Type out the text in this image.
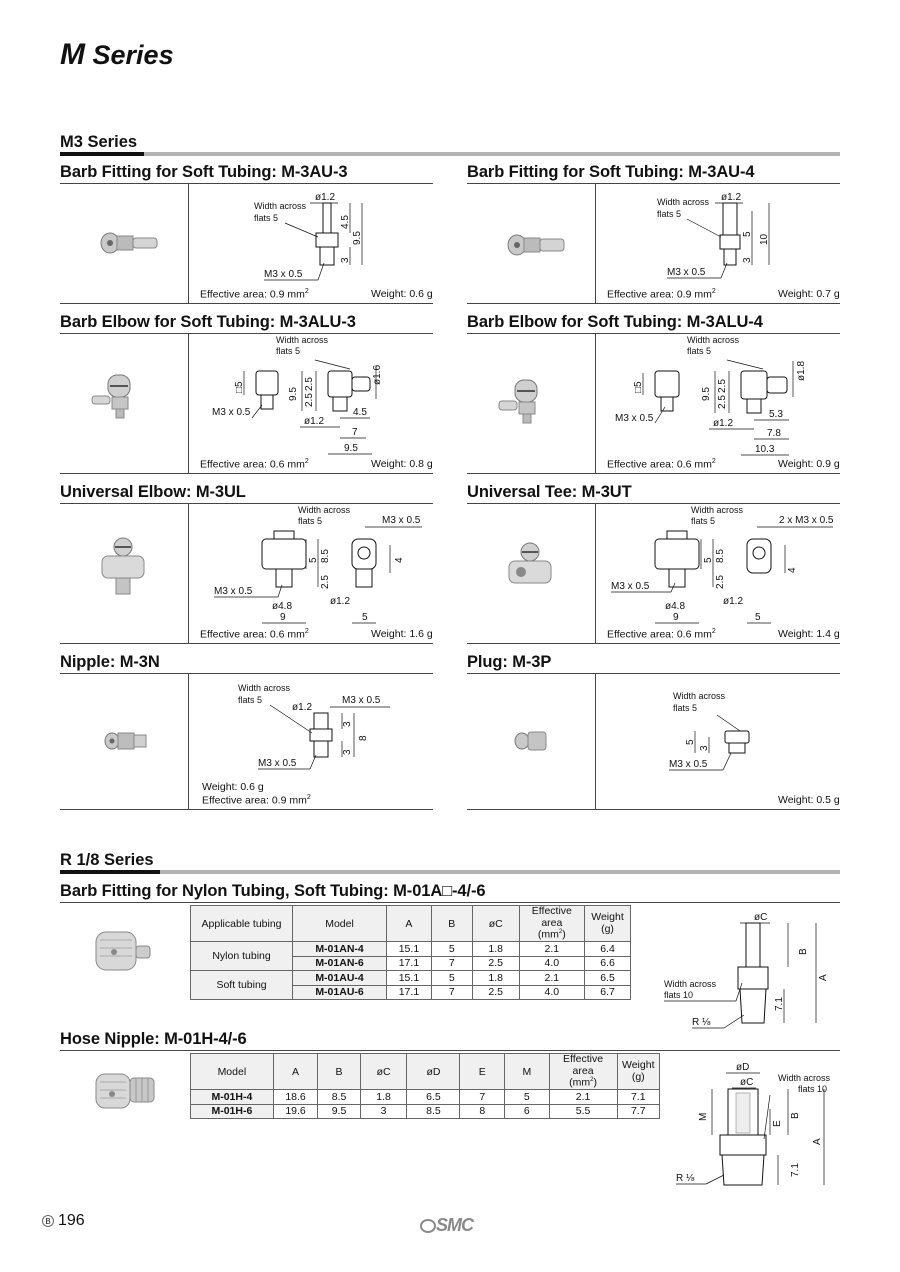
M Series
M3 Series
Barb Fitting for Soft Tubing: M-3AU-3
Width across
flats 5
ø1.2
4.5
9.5
3
M3 x 0.5
Effective area: 0.9 $mm^2$	Weight: 0.6 g
Barb Fitting for Soft Tubing: M-3AU-4
Width across
flats 5
ø1.2
5 10
3
M3 x 0.5
Effective area: 0.9 $mm^2$	Weight: 0.7 g
Barb Elbow for Soft Tubing: M-3ALU-3
Width across
flats 5
□5
M3 x 0.5
9.5
2.5
2.5
ø1.6
ø1.2
4.5
7
9.5
Effective area: 0.6 $mm^2$	Weight: 0.8 g
Barb Elbow for Soft Tubing: M-3ALU-4
Width across
flats 5
□5
M3 x 0.5
9.5
2.5
2.5
ø1.8
ø1.2
5.3
7.8
10.3
Effective area: 0.6 $mm^2$	Weight: 0.9 g
Universal Elbow: M-3UL
Width across
flats 5	M3 x 0.5
5 8.5
2.5
M3 x 0.5
ø4.8
9
4
ø1.2
5
Effective area: 0.6 $mm^2$	Weight: 1.6 g
Universal Tee: M-3UT
Width across
flats 5	2 x M3 x 0.5
5 8.5
2.5
M3 x 0.5
ø4.8
9
4
ø1.2
5
Effective area: 0.6 $mm^2$	Weight: 1.4 g
Nipple: M-3N
Width across
flats 5
ø1.2
M3 x 0.5
3
8
3
M3 x 0.5
Weight: 0.6 g
Effective area: 0.9 $mm^2$
Plug: M-3P
Width across
flats 5
5
3
M3 x 0.5
Weight: 0.5 g
R 1/8 Series
Barb Fitting for Nylon Tubing, Soft Tubing: M-01A□-4/-6
Applicable tubing	Model	A	B	øC	Effective area
$(mm^2)$	Weight
(g)
Nylon tubing	M-01AN-4	15.1	5	1.8	2.1	6.4
	M-01AN-6	17.1	7	2.5	4.0	6.6
Soft tubing	M-01AU-4	15.1	5	1.8	2.1	6.5
	M-01AU-6	17.1	7	2.5	4.0	6.7
øC
B
A
7.1
Width across
flats 10
R ⅛
Hose Nipple: M-01H-4/-6
Model	A	B	øC	øD	E	M	Effective area
$(mm^2)$	Weight
(g)
M-01H-4	18.6	8.5	1.8	6.5	7	5	2.1	7.1
M-01H-6	19.6	9.5	3	8.5	8	6	5.5	7.7
øD
øC	Width across
flats 10
M
E
B
A
7.1
R ⅛
B 196	SMC
